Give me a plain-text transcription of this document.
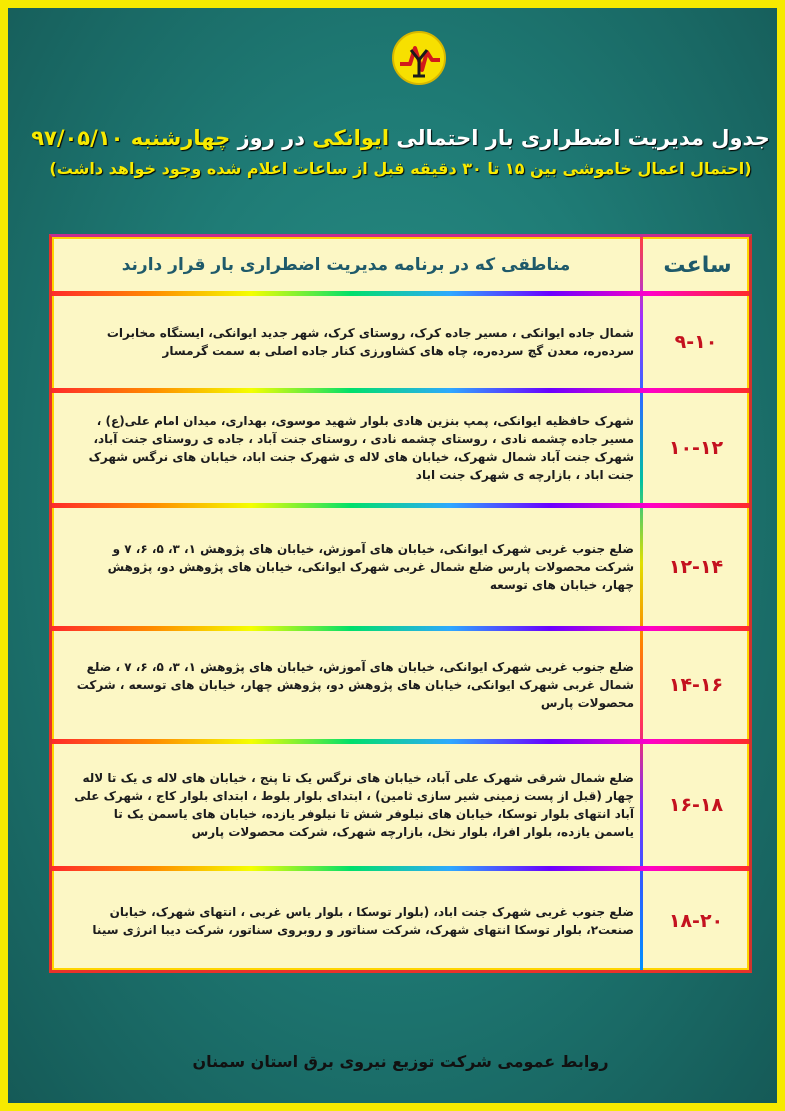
جدول مدیریت اضطراری بار احتمالی ایوانکی در روز چهارشنبه ۹۷/۰۵/۱۰
(احتمال اعمال خاموشی بین ۱۵ تا ۳۰ دقیقه قبل از ساعات اعلام شده وجود خواهد داشت)
ساعت
مناطقی که در برنامه مدیریت اضطراری بار قرار دارند
شمال جاده ایوانکی ، مسیر جاده کرک، روستای کرک، شهر جدید ایوانکی، ایستگاه مخابرات سرده‌ره، معدن گچ سرده‌ره، چاه های کشاورزی کنار جاده اصلی به سمت گرمسار	۹-۱۰
شهرک حافظیه ایوانکی، پمپ بنزین هادی بلوار شهید موسوی، بهداری، میدان امام علی(ع) ، مسیر جاده چشمه نادی ، روستای چشمه نادی ، روستای جنت آباد ، جاده ی روستای جنت آباد، شهرک جنت آباد شمال شهرک، خیابان های لاله ی شهرک جنت اباد، خیابان های نرگس شهرک جنت اباد ، بازارچه ی شهرک جنت اباد
۱۰-۱۲
ضلع جنوب غربی شهرک ایوانکی، خیابان های آموزش، خیابان های پژوهش ۱، ۳، ۵، ۶، ۷ و شرکت محصولات پارس ضلع شمال غربی شهرک ایوانکی، خیابان های پژوهش دو، پژوهش چهار، خیابان های توسعه
۱۲-۱۴
ضلع جنوب غربی شهرک ایوانکی، خیابان های آموزش، خیابان های پژوهش ۱، ۳، ۵، ۶، ۷ ، ضلع شمال غربی شهرک ایوانکی، خیابان های پژوهش دو، پژوهش چهار، خیابان های توسعه ، شرکت محصولات پارس
۱۴-۱۶
ضلع شمال شرقی شهرک علی آباد، خیابان های نرگس یک تا پنج ، خیابان های لاله ی یک تا لاله چهار (قبل از پست زمینی شیر سازی ثامین) ، ابتدای بلوار بلوط ، ابتدای بلوار کاج ، شهرک علی آباد انتهای بلوار توسکا، خیابان های نیلوفر شش تا نیلوفر یازده، خیابان های یاسمن یک تا یاسمن یازده، بلوار افرا، بلوار نخل، بازارچه شهرک، شرکت محصولات پارس
۱۶-۱۸
ضلع جنوب غربی شهرک جنت اباد، (بلوار توسکا ، بلوار یاس غربی ، انتهای شهرک، خیابان صنعت۲، بلوار توسکا انتهای شهرک، شرکت سناتور و روبروی سناتور، شرکت دیبا انرژی سینا	۱۸-۲۰
روابط عمومی شرکت توزیع نیروی برق استان سمنان
